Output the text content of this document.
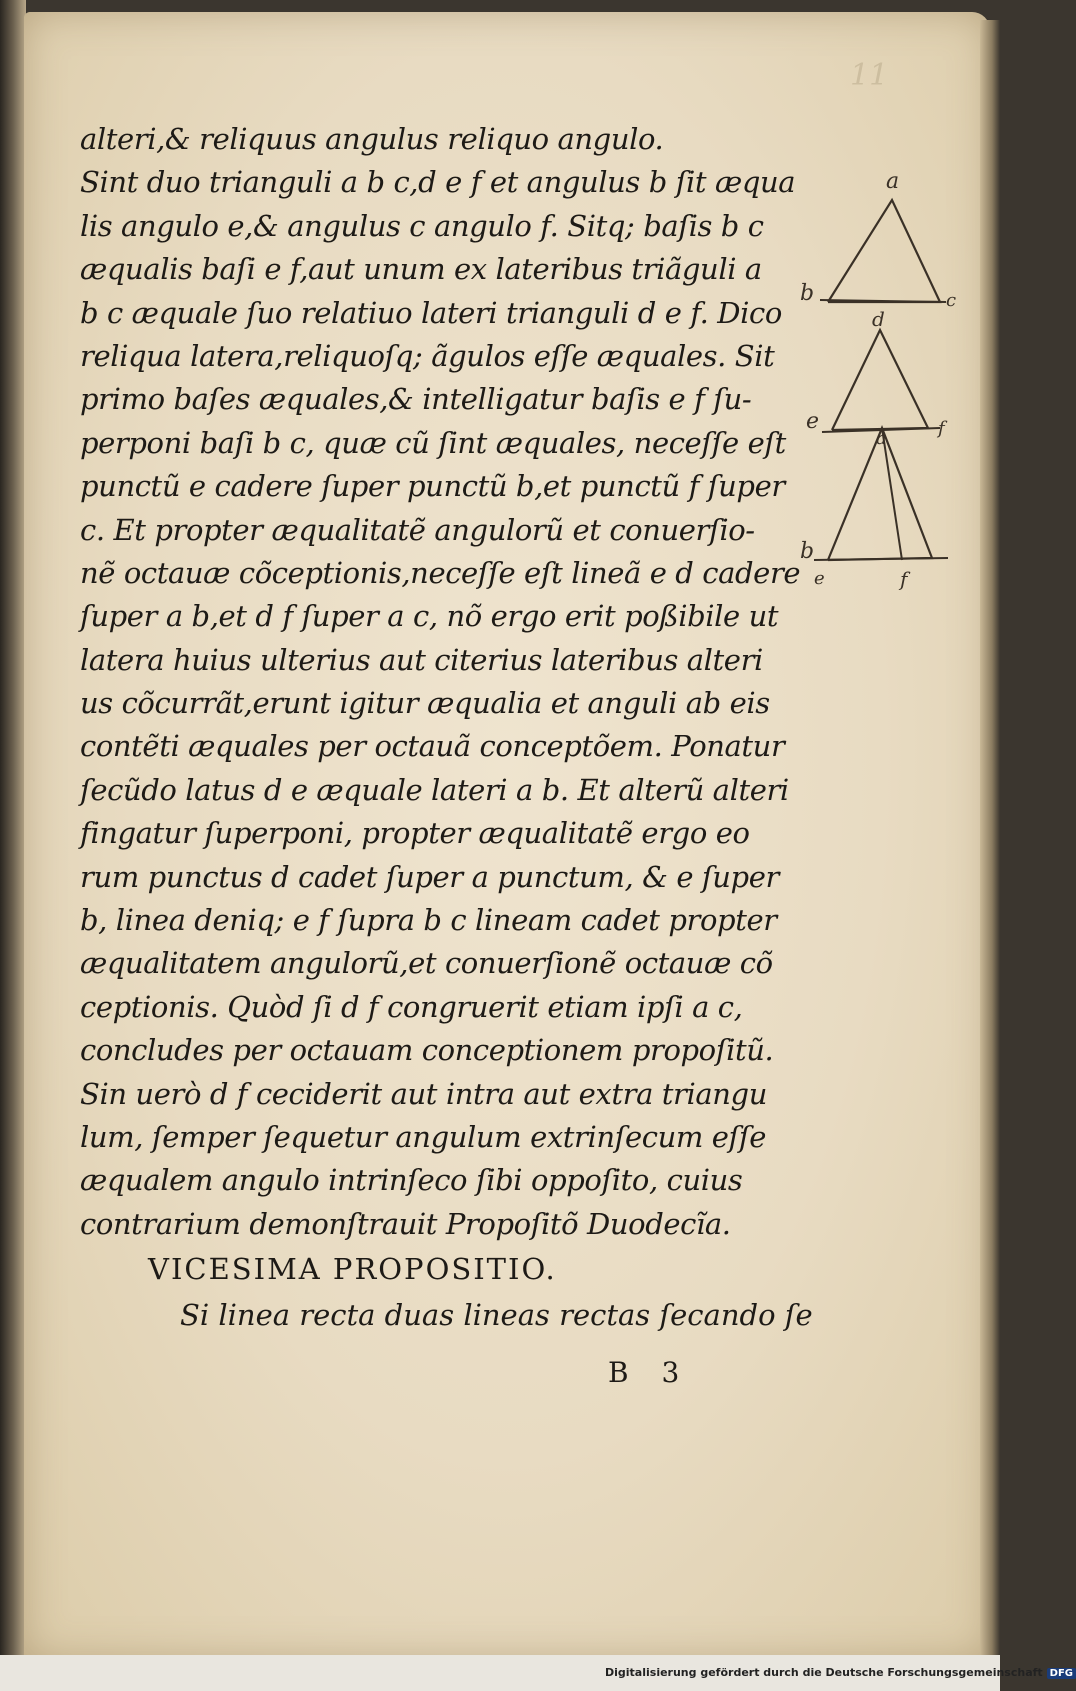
11
alteri,& reliquus angulus reliquo angulo.
Sint duo trianguli a b c,d e f et angulus b ſit æqua
lis angulo e,& angulus c angulo f. Sitq; baſis b c
æqualis baſi e f,aut unum ex lateribus triãguli a
b c æquale ſuo relatiuo lateri trianguli d e f. Dico
reliqua latera,reliquoſq; ãgulos eſſe æquales. Sit
primo baſes æquales,& intelligatur baſis e f ſu-
perponi baſi b c, quæ cũ ſint æquales, neceſſe eſt
punctũ e cadere ſuper punctũ b,et punctũ f ſuper
c. Et propter æqualitatẽ angulorũ et conuerſio-
nẽ octauæ cõceptionis,neceſſe eſt lineã e d cadere
ſuper a b,et d f ſuper a c, nõ ergo erit poßibile ut
latera huius ulterius aut citerius lateribus alteri
us cõcurrãt,erunt igitur æqualia et anguli ab eis
contẽti æquales per octauã conceptõem. Ponatur
ſecũdo latus d e æquale lateri a b. Et alterũ alteri
fingatur ſuperponi, propter æqualitatẽ ergo eo
rum punctus d cadet ſuper a punctum, & e ſuper
b, linea deniq; e f ſupra b c lineam cadet propter
æqualitatem angulorũ,et conuerſionẽ octauæ cõ
ceptionis. Quòd ſi d f congruerit etiam ipſi a c,
concludes per octauam conceptionem propoſitũ.
Sin uerò d f ceciderit aut intra aut extra triangu
lum, ſemper ſequetur angulum extrinſecum eſſe
æqualem angulo intrinſeco ſibi oppoſito, cuius
contrarium demonſtrauit Propoſitõ Duodecĩa.
VICESIMA PROPOSITIO.
Si linea recta duas lineas rectas ſecando ſe
B 3
a
b	c
d
e	f
a
b
e	f
Digitalisierung gefördert durch die Deutsche Forschungsgemeinschaft DFG
